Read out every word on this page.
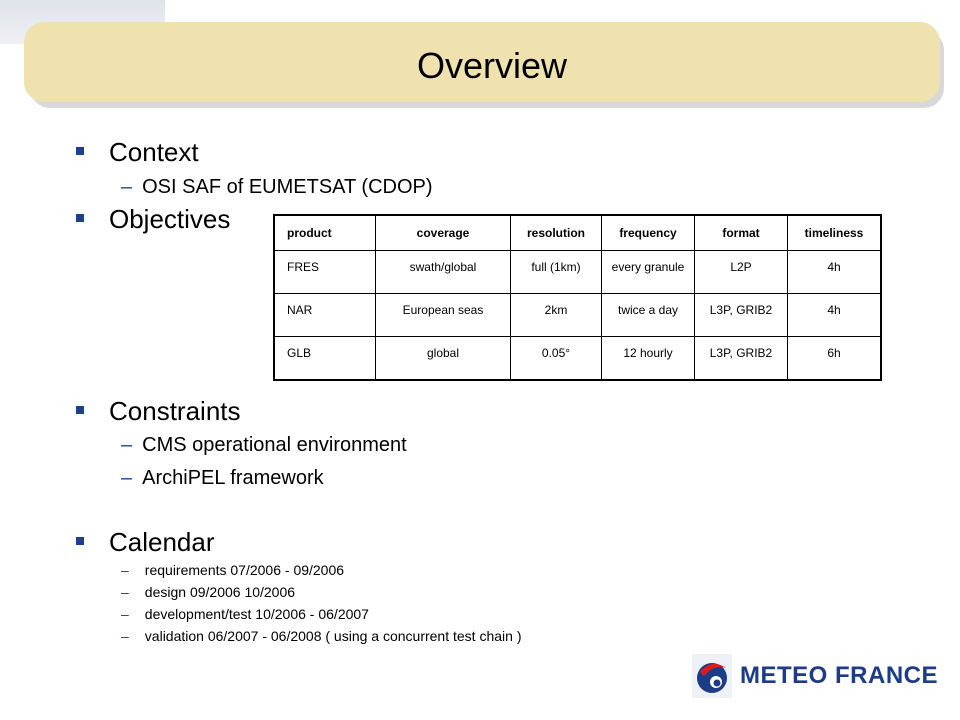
Overview
Context
– OSI SAF of EUMETSAT (CDOP)
Objectives	product	coverage	resolution	frequency	format	timeliness
FRES	swath/global	full (1km)	every granule	L2P	4h
NAR	European seas	2km	twice a day	L3P, GRIB2	4h
GLB	global	0.05°	12 hourly	L3P, GRIB2	6h
Constraints
– CMS operational environment
– ArchiPEL framework
Calendar
– requirements 07/2006 - 09/2006
– design 09/2006 10/2006
– development/test 10/2006 - 06/2007
– validation 06/2007 - 06/2008 ( using a concurrent test chain )
METEO FRANCE
